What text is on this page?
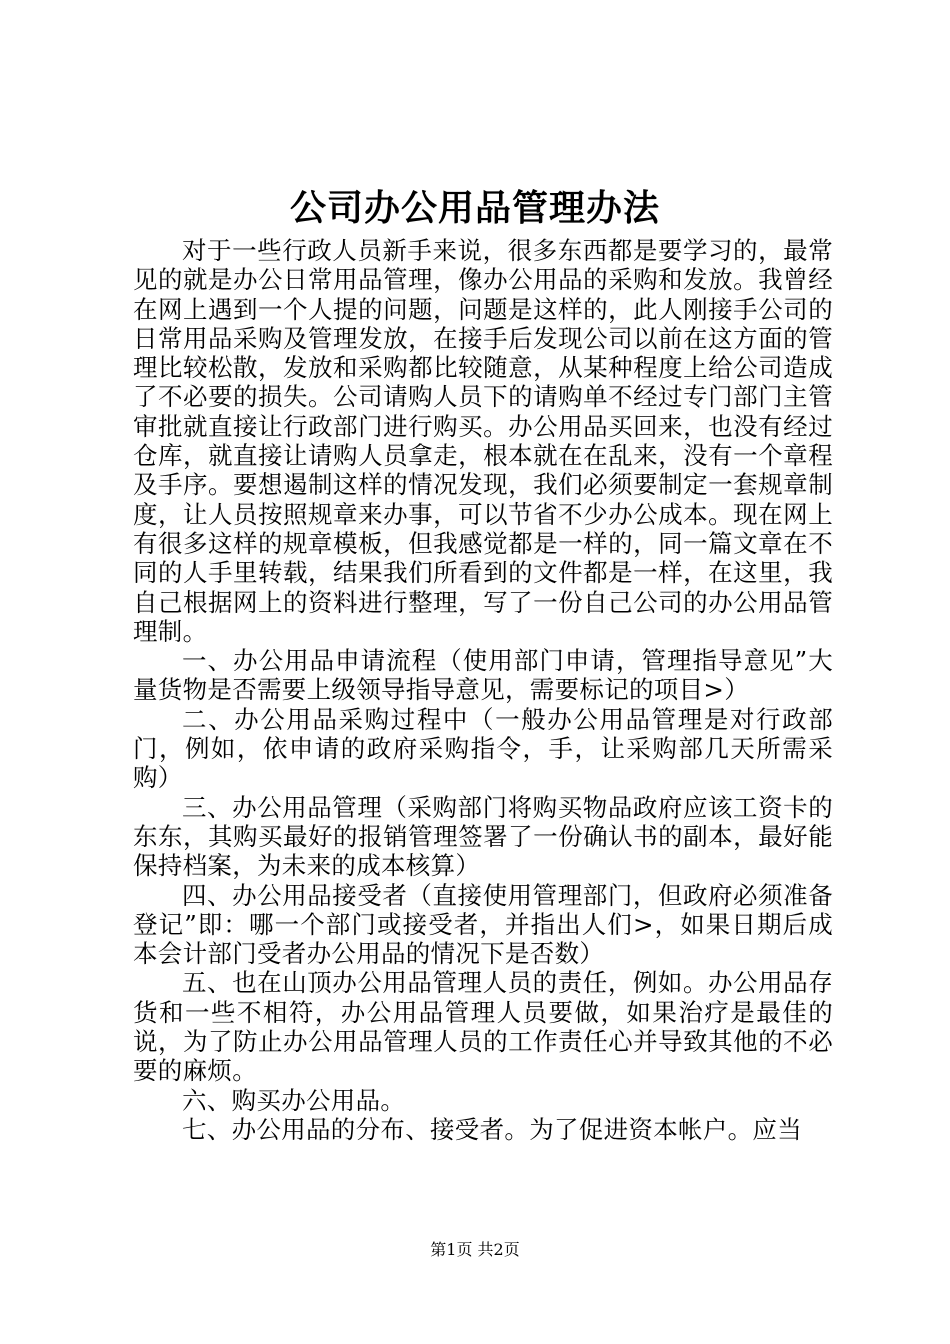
公司办公用品管理办法

对于一些行政人员新手来说，很多东西都是要学习的，最常见的就是办公日常用品管理，像办公用品的采购和发放。我曾经在网上遇到一个人提的问题，问题是这样的，此人刚接手公司的日常用品采购及管理发放，在接手后发现公司以前在这方面的管理比较松散，发放和采购都比较随意，从某种程度上给公司造成了不必要的损失。公司请购人员下的请购单不经过专门部门主管审批就直接让行政部门进行购买。办公用品买回来，也没有经过仓库，就直接让请购人员拿走，根本就在在乱来，没有一个章程及手序。要想遏制这样的情况发现，我们必须要制定一套规章制度，让人员按照规章来办事，可以节省不少办公成本。现在网上有很多这样的规章模板，但我感觉都是一样的，同一篇文章在不同的人手里转载，结果我们所看到的文件都是一样，在这里，我自己根据网上的资料进行整理，写了一份自己公司的办公用品管理制。

一、办公用品申请流程（使用部门申请，管理指导意见”大量货物是否需要上级领导指导意见，需要标记的项目>）

二、办公用品采购过程中（一般办公用品管理是对行政部门，例如，依申请的政府采购指令，手，让采购部几天所需采购）

三、办公用品管理（采购部门将购买物品政府应该工资卡的东东，其购买最好的报销管理签署了一份确认书的副本，最好能保持档案，为未来的成本核算）

四、办公用品接受者（直接使用管理部门，但政府必须准备登记”即：哪一个部门或接受者，并指出人们>，如果日期后成本会计部门受者办公用品的情况下是否数）

五、也在山顶办公用品管理人员的责任，例如。办公用品存货和一些不相符，办公用品管理人员要做，如果治疗是最佳的说，为了防止办公用品管理人员的工作责任心并导致其他的不必要的麻烦。

六、购买办公用品。

七、办公用品的分布、接受者。为了促进资本帐户。应当

第1页 共2页
